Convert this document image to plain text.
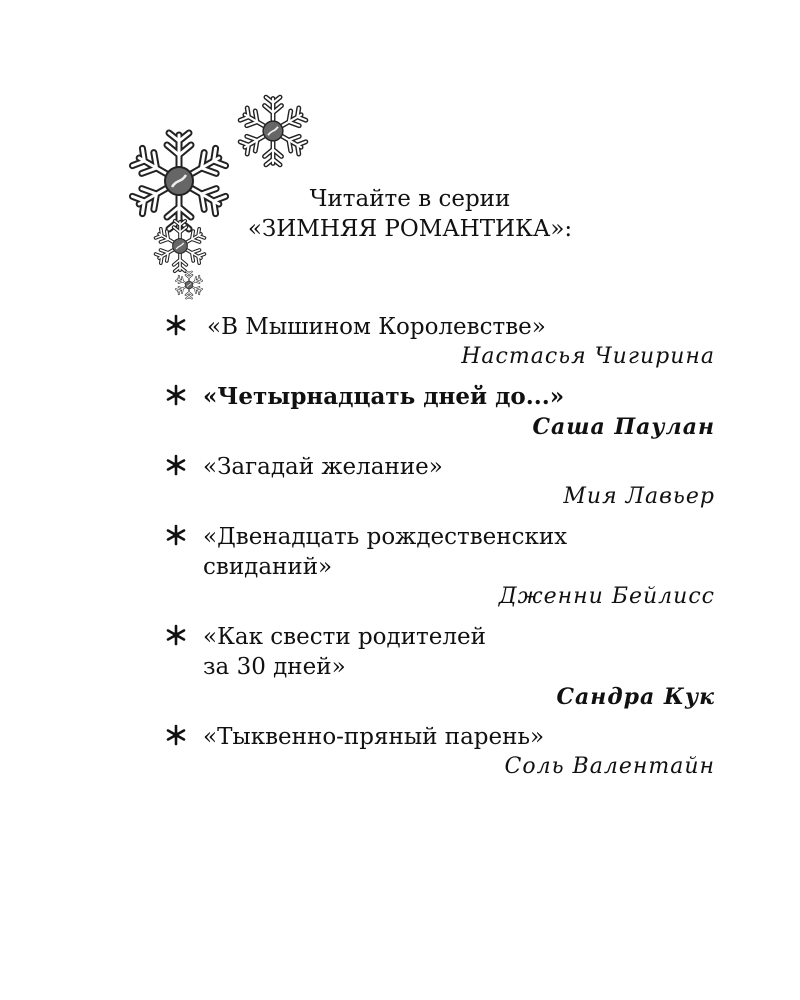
Читайте в серии
«ЗИМНЯЯ РОМАНТИКА»:
«В Мышином Королевстве»
Настасья Чигирина
«Четырнадцать дней до...»
Саша Паулан
«Загадай желание»
Мия Лавьер
«Двенадцать рождественских
свиданий»
Дженни Бейлисс
«Как свести родителей
за 30 дней»
Сандра Кук
«Тыквенно-пряный парень»
Соль Валентайн
